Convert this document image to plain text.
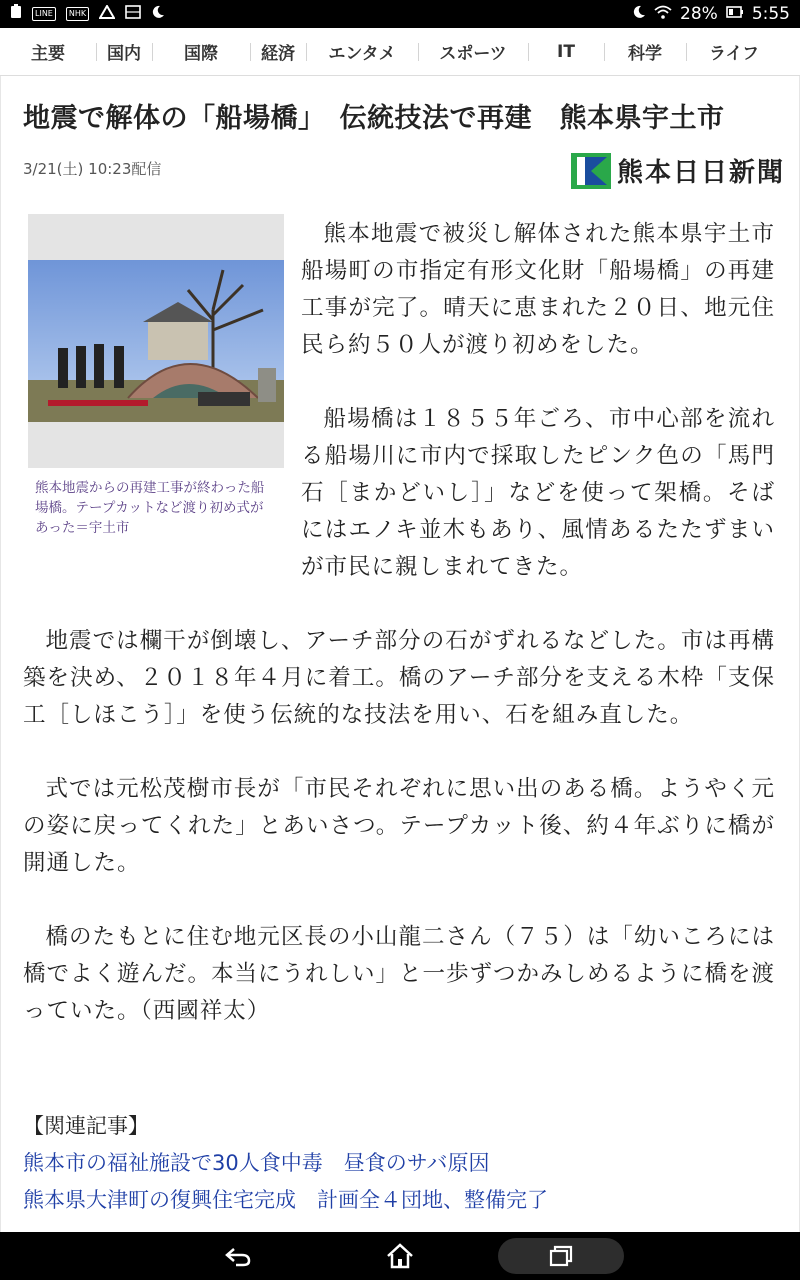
LINE	NHK	28% 5:55
主要	国内	国際	経済	エンタメ	スポーツ	IT	科学	ライフ
地震で解体の「船場橋」　伝統技法で再建　熊本県宇土市
3/21(土) 10:23配信	熊本日日新聞
熊本地震からの再建工事が終わった船場橋。テープカットなど渡り初め式があった＝宇土市

熊本地震で被災し解体された熊本県宇土市船場町の市指定有形文化財「船場橋」の再建工事が完了。晴天に恵まれた２０日、地元住民ら約５０人が渡り初めをした。

船場橋は１８５５年ごろ、市中心部を流れる船場川に市内で採取したピンク色の「馬門石［まかどいし］」などを使って架橋。そばにはエノキ並木もあり、風情あるたたずまいが市民に親しまれてきた。

地震では欄干が倒壊し、アーチ部分の石がずれるなどした。市は再構築を決め、２０１８年４月に着工。橋のアーチ部分を支える木枠「支保工［しほこう］」を使う伝統的な技法を用い、石を組み直した。

式では元松茂樹市長が「市民それぞれに思い出のある橋。ようやく元の姿に戻ってくれた」とあいさつ。テープカット後、約４年ぶりに橋が開通した。

橋のたもとに住む地元区長の小山龍二さん（７５）は「幼いころには橋でよく遊んだ。本当にうれしい」と一歩ずつかみしめるように橋を渡っていた。（西國祥太）

【関連記事】
熊本市の福祉施設で30人食中毒　昼食のサバ原因
熊本県大津町の復興住宅完成　計画全４団地、整備完了
